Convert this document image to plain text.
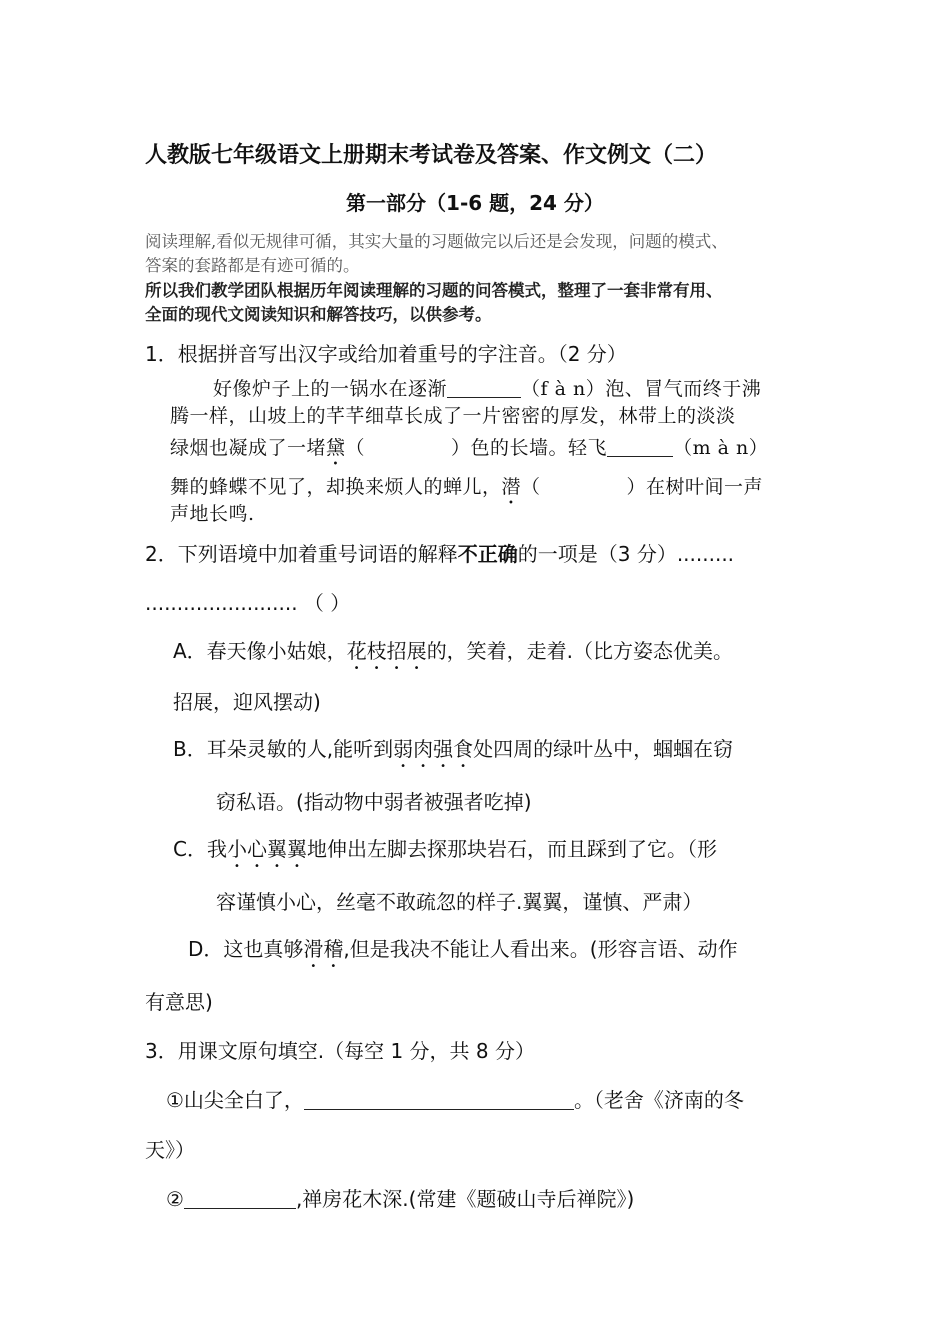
人教版七年级语文上册期末考试卷及答案、作文例文（二）
第一部分（1-6 题，24 分）
阅读理解,看似无规律可循，其实大量的习题做完以后还是会发现，问题的模式、
答案的套路都是有迹可循的。
所以我们教学团队根据历年阅读理解的习题的问答模式，整理了一套非常有用、
全面的现代文阅读知识和解答技巧，以供参考。
1．根据拼音写出汉字或给加着重号的字注音。（2 分）
好像炉子上的一锅水在逐渐	（f à n）泡、冒气而终于沸
腾一样，山坡上的芊芊细草长成了一片密密的厚发，林带上的淡淡
绿烟也凝成了一堵黛（	）色的长墙。轻飞	（m à n）
舞的蜂蝶不见了，却换来烦人的蝉儿，潜（	）在树叶间一声
声地长鸣.
2．下列语境中加着重号词语的解释不正确的一项是（3 分）.........
........................ （ ）
A．春天像小姑娘，花枝招展的，笑着，走着.（比方姿态优美。
招展，迎风摆动)
B．耳朵灵敏的人,能听到弱肉强食处四周的绿叶丛中，蝈蝈在窃
窃私语。(指动物中弱者被强者吃掉)
C．我小心翼翼地伸出左脚去探那块岩石，而且踩到了它。（形
容谨慎小心，丝毫不敢疏忽的样子.翼翼，谨慎、严肃）
D．这也真够滑稽,但是我决不能让人看出来。(形容言语、动作
有意思)
3．用课文原句填空.（每空 1 分，共 8 分）
①山尖全白了，	。（老舍《济南的冬
天》）
②	,禅房花木深.(常建《题破山寺后禅院》)
